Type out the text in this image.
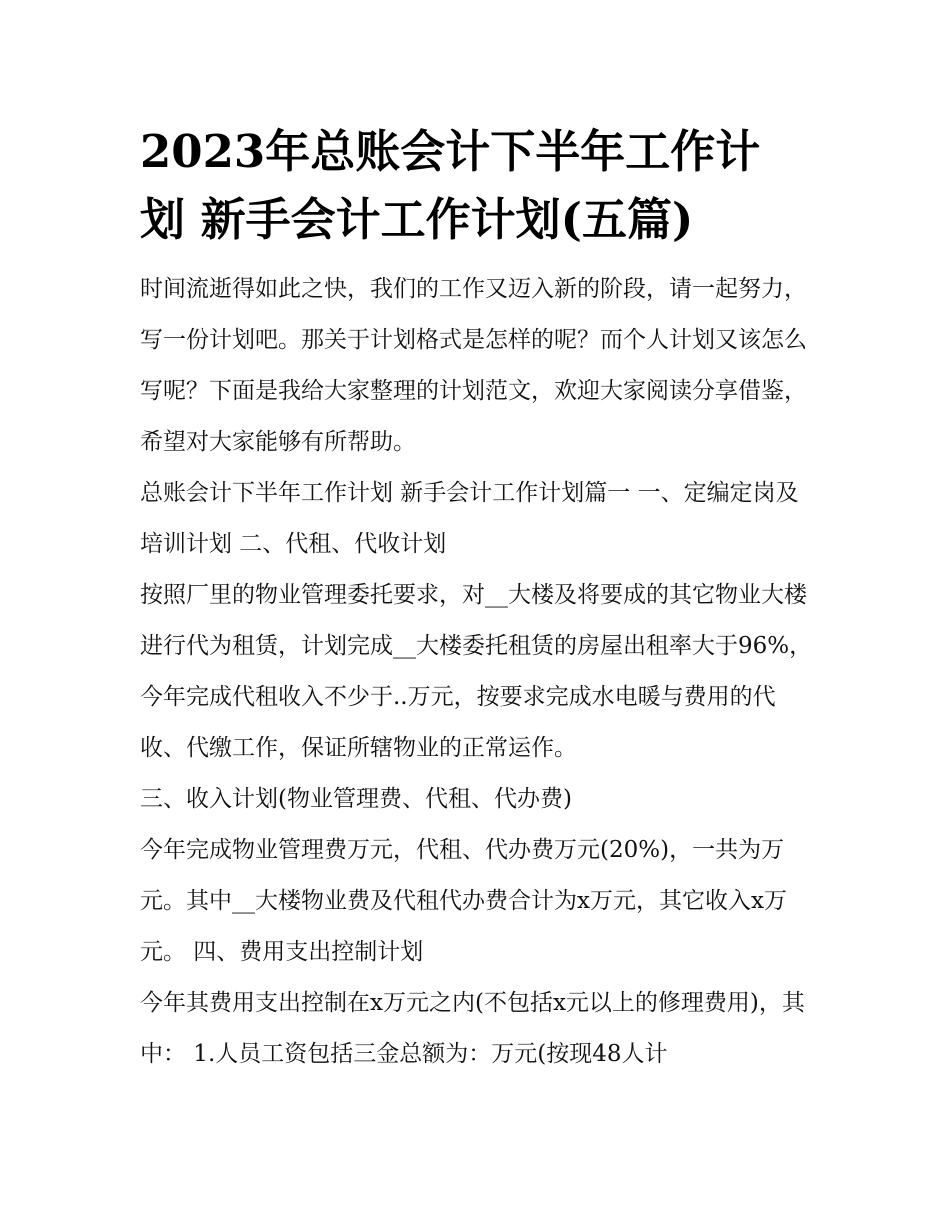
2023年总账会计下半年工作计
划 新手会计工作计划(五篇)

时间流逝得如此之快，我们的工作又迈入新的阶段，请一起努力，写一份计划吧。那关于计划格式是怎样的呢？而个人计划又该怎么写呢？下面是我给大家整理的计划范文，欢迎大家阅读分享借鉴，希望对大家能够有所帮助。

总账会计下半年工作计划 新手会计工作计划篇一 一、定编定岗及培训计划 二、代租、代收计划

按照厂里的物业管理委托要求，对__大楼及将要成的其它物业大楼进行代为租赁，计划完成__大楼委托租赁的房屋出租率大于96%，今年完成代租收入不少于..万元，按要求完成水电暖与费用的代收、代缴工作，保证所辖物业的正常运作。

三、收入计划(物业管理费、代租、代办费)

今年完成物业管理费万元，代租、代办费万元(20%)，一共为万元。其中__大楼物业费及代租代办费合计为x万元，其它收入x万元。 四、费用支出控制计划

今年其费用支出控制在x万元之内(不包括x元以上的修理费用)，其中： 1.人员工资包括三金总额为：万元(按现48人计
